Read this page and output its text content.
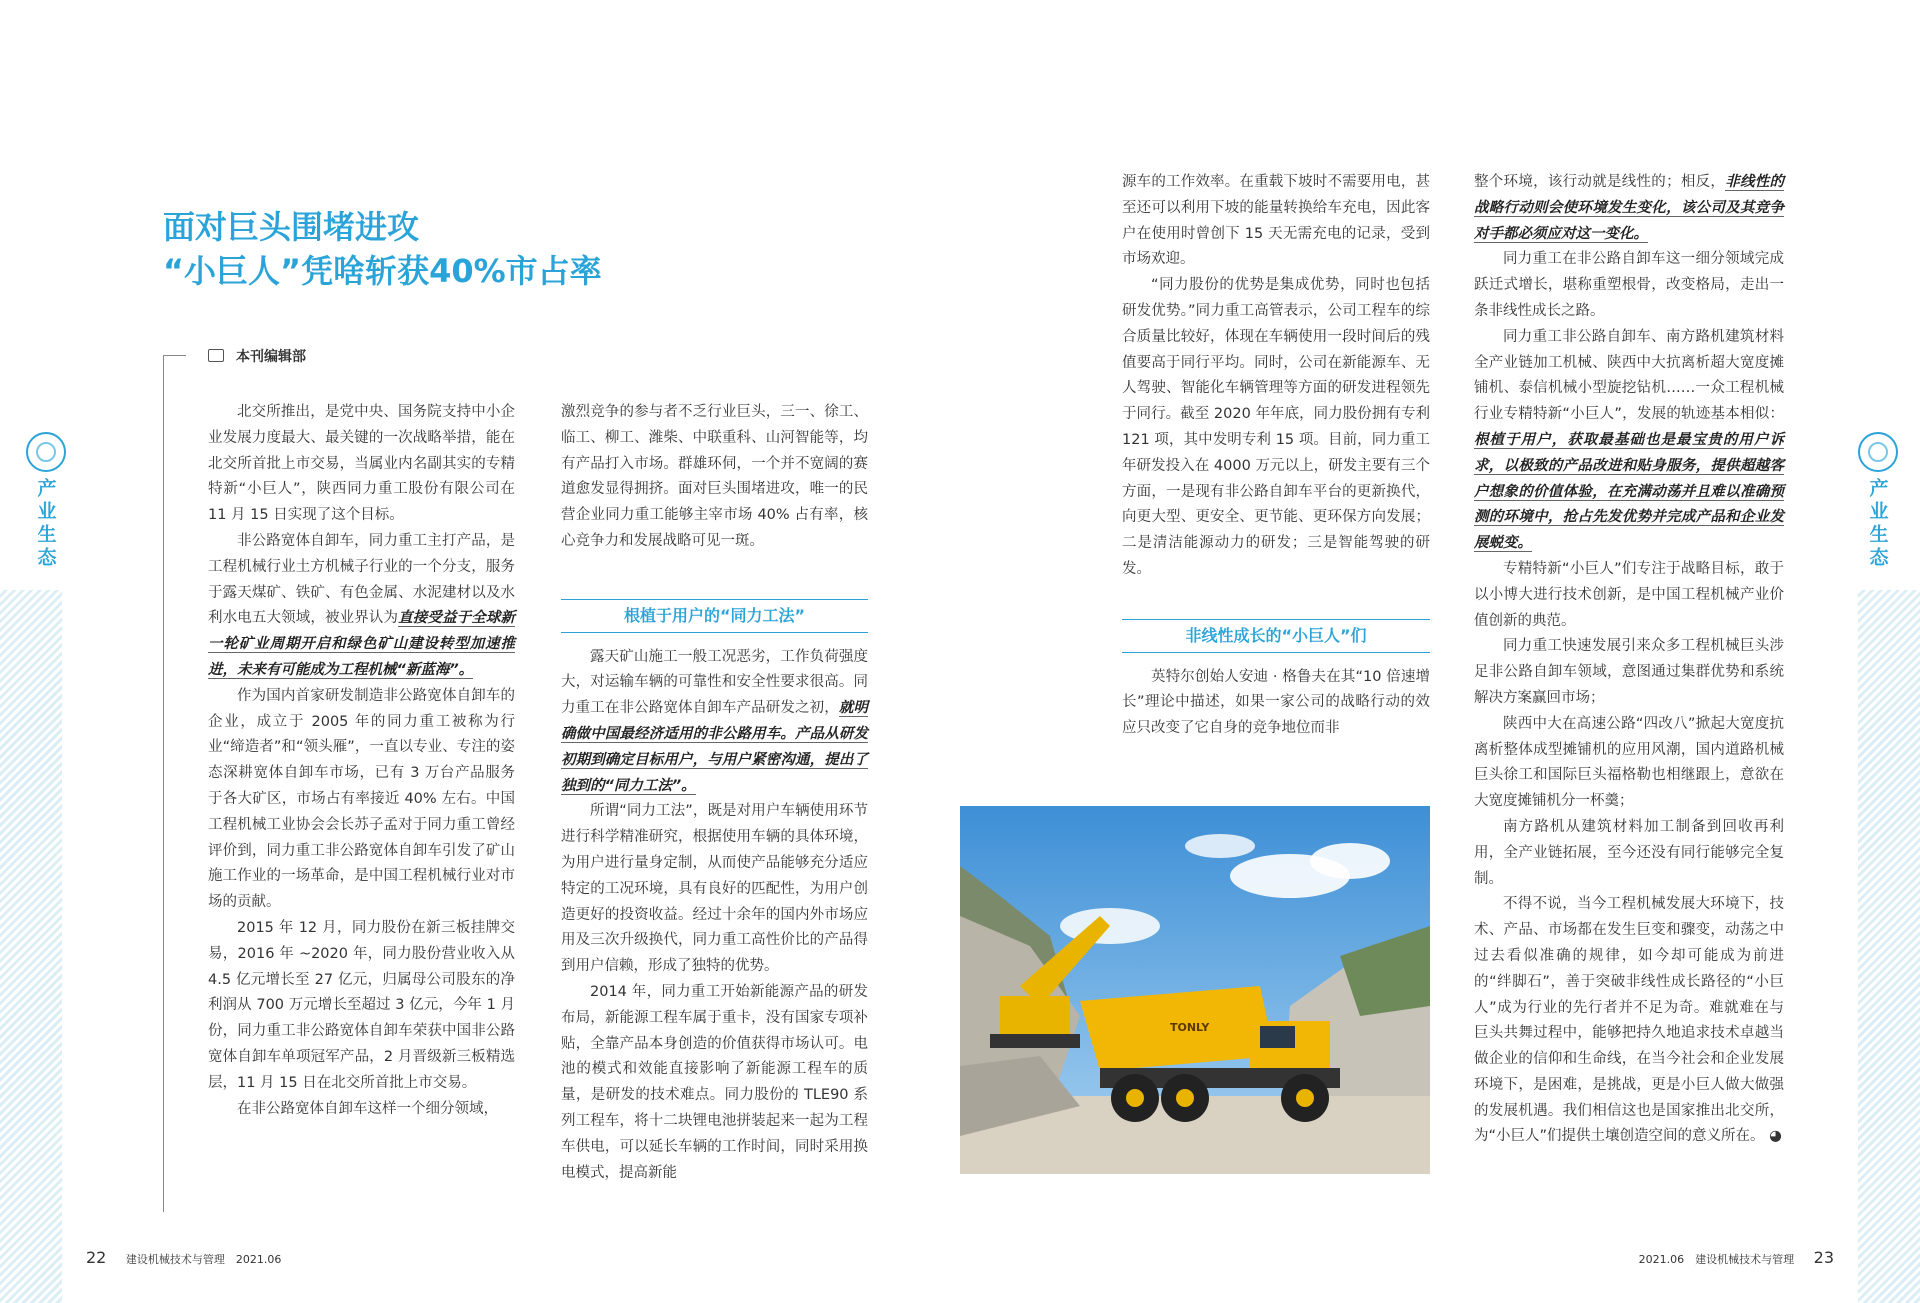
产业生态	产业生态
面对巨头围堵进攻
“小巨人”凭啥斩获40%市占率
本刊编辑部

北交所推出，是党中央、国务院支持中小企业发展力度最大、最关键的一次战略举措，能在北交所首批上市交易，当属业内名副其实的专精特新“小巨人”，陕西同力重工股份有限公司在 11 月 15 日实现了这个目标。

非公路宽体自卸车，同力重工主打产品，是工程机械行业土方机械子行业的一个分支，服务于露天煤矿、铁矿、有色金属、水泥建材以及水利水电五大领域，被业界认为直接受益于全球新一轮矿业周期开启和绿色矿山建设转型加速推进，未来有可能成为工程机械“新蓝海”。

作为国内首家研发制造非公路宽体自卸车的企业，成立于 2005 年的同力重工被称为行业“缔造者”和“领头雁”，一直以专业、专注的姿态深耕宽体自卸车市场，已有 3 万台产品服务于各大矿区，市场占有率接近 40% 左右。中国工程机械工业协会会长苏子孟对于同力重工曾经评价到，同力重工非公路宽体自卸车引发了矿山施工作业的一场革命，是中国工程机械行业对市场的贡献。

2015 年 12 月，同力股份在新三板挂牌交易，2016 年 ~2020 年，同力股份营业收入从 4.5 亿元增长至 27 亿元，归属母公司股东的净利润从 700 万元增长至超过 3 亿元，今年 1 月份，同力重工非公路宽体自卸车荣获中国非公路宽体自卸车单项冠军产品，2 月晋级新三板精选层，11 月 15 日在北交所首批上市交易。

在非公路宽体自卸车这样一个细分领域，

激烈竞争的参与者不乏行业巨头，三一、徐工、临工、柳工、潍柴、中联重科、山河智能等，均有产品打入市场。群雄环伺，一个并不宽阔的赛道愈发显得拥挤。面对巨头围堵进攻，唯一的民营企业同力重工能够主宰市场 40% 占有率，核心竞争力和发展战略可见一斑。

根植于用户的“同力工法”

露天矿山施工一般工况恶劣，工作负荷强度大，对运输车辆的可靠性和安全性要求很高。同力重工在非公路宽体自卸车产品研发之初，就明确做中国最经济适用的非公路用车。产品从研发初期到确定目标用户，与用户紧密沟通，提出了独到的“同力工法”。

所谓“同力工法”，既是对用户车辆使用环节进行科学精准研究，根据使用车辆的具体环境，为用户进行量身定制，从而使产品能够充分适应特定的工况环境，具有良好的匹配性，为用户创造更好的投资收益。经过十余年的国内外市场应用及三次升级换代，同力重工高性价比的产品得到用户信赖，形成了独特的优势。

2014 年，同力重工开始新能源产品的研发布局，新能源工程车属于重卡，没有国家专项补贴，全靠产品本身创造的价值获得市场认可。电池的模式和效能直接影响了新能源工程车的质量，是研发的技术难点。同力股份的 TLE90 系列工程车，将十二块锂电池拼装起来一起为工程车供电，可以延长车辆的工作时间，同时采用换电模式，提高新能

源车的工作效率。在重载下坡时不需要用电，甚至还可以利用下坡的能量转换给车充电，因此客户在使用时曾创下 15 天无需充电的记录，受到市场欢迎。

“同力股份的优势是集成优势，同时也包括研发优势。”同力重工高管表示，公司工程车的综合质量比较好，体现在车辆使用一段时间后的残值要高于同行平均。同时，公司在新能源车、无人驾驶、智能化车辆管理等方面的研发进程领先于同行。截至 2020 年年底，同力股份拥有专利 121 项，其中发明专利 15 项。目前，同力重工年研发投入在 4000 万元以上，研发主要有三个方面，一是现有非公路自卸车平台的更新换代，向更大型、更安全、更节能、更环保方向发展；二是清洁能源动力的研发；三是智能驾驶的研发。

非线性成长的“小巨人”们

英特尔创始人安迪 · 格鲁夫在其“10 倍速增长”理论中描述，如果一家公司的战略行动的效应只改变了它自身的竞争地位而非

TONLY

整个环境，该行动就是线性的；相反，非线性的战略行动则会使环境发生变化，该公司及其竞争对手都必须应对这一变化。

同力重工在非公路自卸车这一细分领域完成跃迁式增长，堪称重塑根骨，改变格局，走出一条非线性成长之路。

同力重工非公路自卸车、南方路机建筑材料全产业链加工机械、陕西中大抗离析超大宽度摊铺机、泰信机械小型旋挖钻机……一众工程机械行业专精特新“小巨人”，发展的轨迹基本相似：根植于用户，获取最基础也是最宝贵的用户诉求，以极致的产品改进和贴身服务，提供超越客户想象的价值体验，在充满动荡并且难以准确预测的环境中，抢占先发优势并完成产品和企业发展蜕变。

专精特新“小巨人”们专注于战略目标，敢于以小博大进行技术创新，是中国工程机械产业价值创新的典范。

同力重工快速发展引来众多工程机械巨头涉足非公路自卸车领域，意图通过集群优势和系统解决方案赢回市场；

陕西中大在高速公路“四改八”掀起大宽度抗离析整体成型摊铺机的应用风潮，国内道路机械巨头徐工和国际巨头福格勒也相继跟上，意欲在大宽度摊铺机分一杯羹；

南方路机从建筑材料加工制备到回收再利用，全产业链拓展，至今还没有同行能够完全复制。

不得不说，当今工程机械发展大环境下，技术、产品、市场都在发生巨变和骤变，动荡之中过去看似准确的规律，如今却可能成为前进的“绊脚石”，善于突破非线性成长路径的“小巨人”成为行业的先行者并不足为奇。难就难在与巨头共舞过程中，能够把持久地追求技术卓越当做企业的信仰和生命线，在当今社会和企业发展环境下，是困难，是挑战，更是小巨人做大做强的发展机遇。我们相信这也是国家推出北交所，为“小巨人”们提供土壤创造空间的意义所在。 ◕

22 建设机械技术与管理　2021.06	2021.06　建设机械技术与管理 23
